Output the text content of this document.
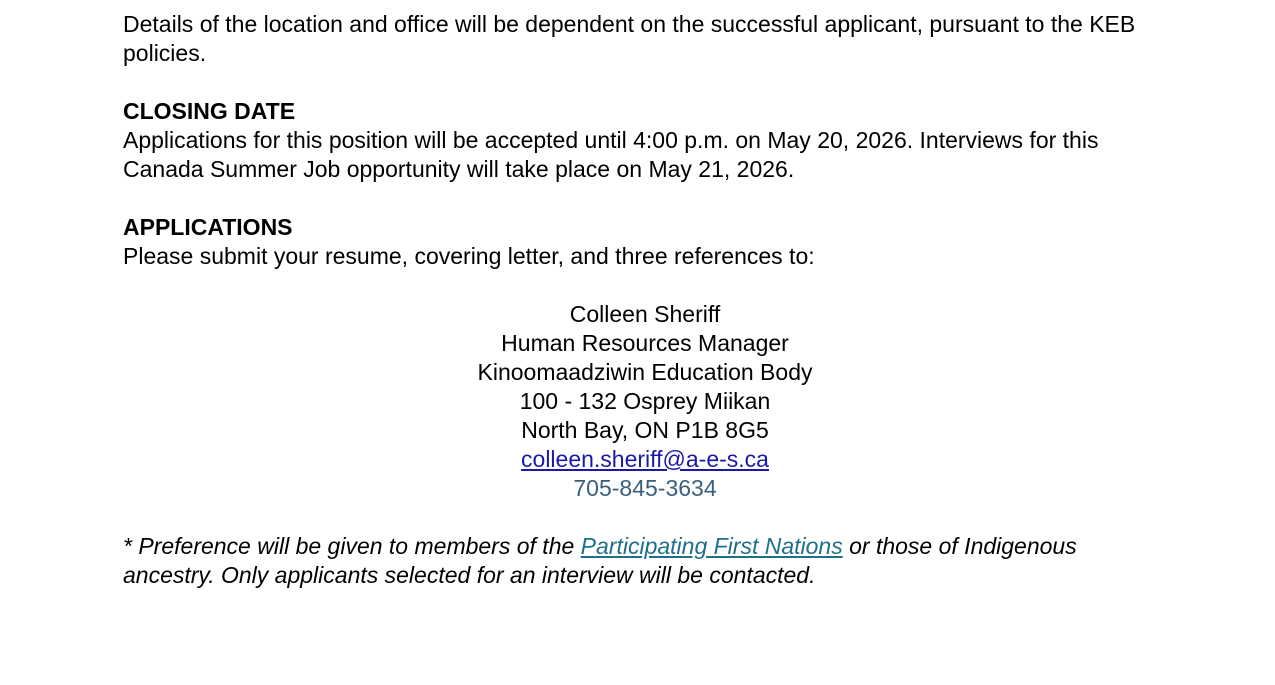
Details of the location and office will be dependent on the successful applicant, pursuant to the KEB policies.

CLOSING DATE

Applications for this position will be accepted until 4:00 p.m. on May 20, 2026. Interviews for this Canada Summer Job opportunity will take place on May 21, 2026.

APPLICATIONS

Please submit your resume, covering letter, and three references to:

Colleen Sheriff
Human Resources Manager
Kinoomaadziwin Education Body
100 - 132 Osprey Miikan
North Bay, ON P1B 8G5
colleen.sheriff@a-e-s.ca
705-845-3634

* Preference will be given to members of the Participating First Nations or those of Indigenous ancestry. Only applicants selected for an interview will be contacted.
